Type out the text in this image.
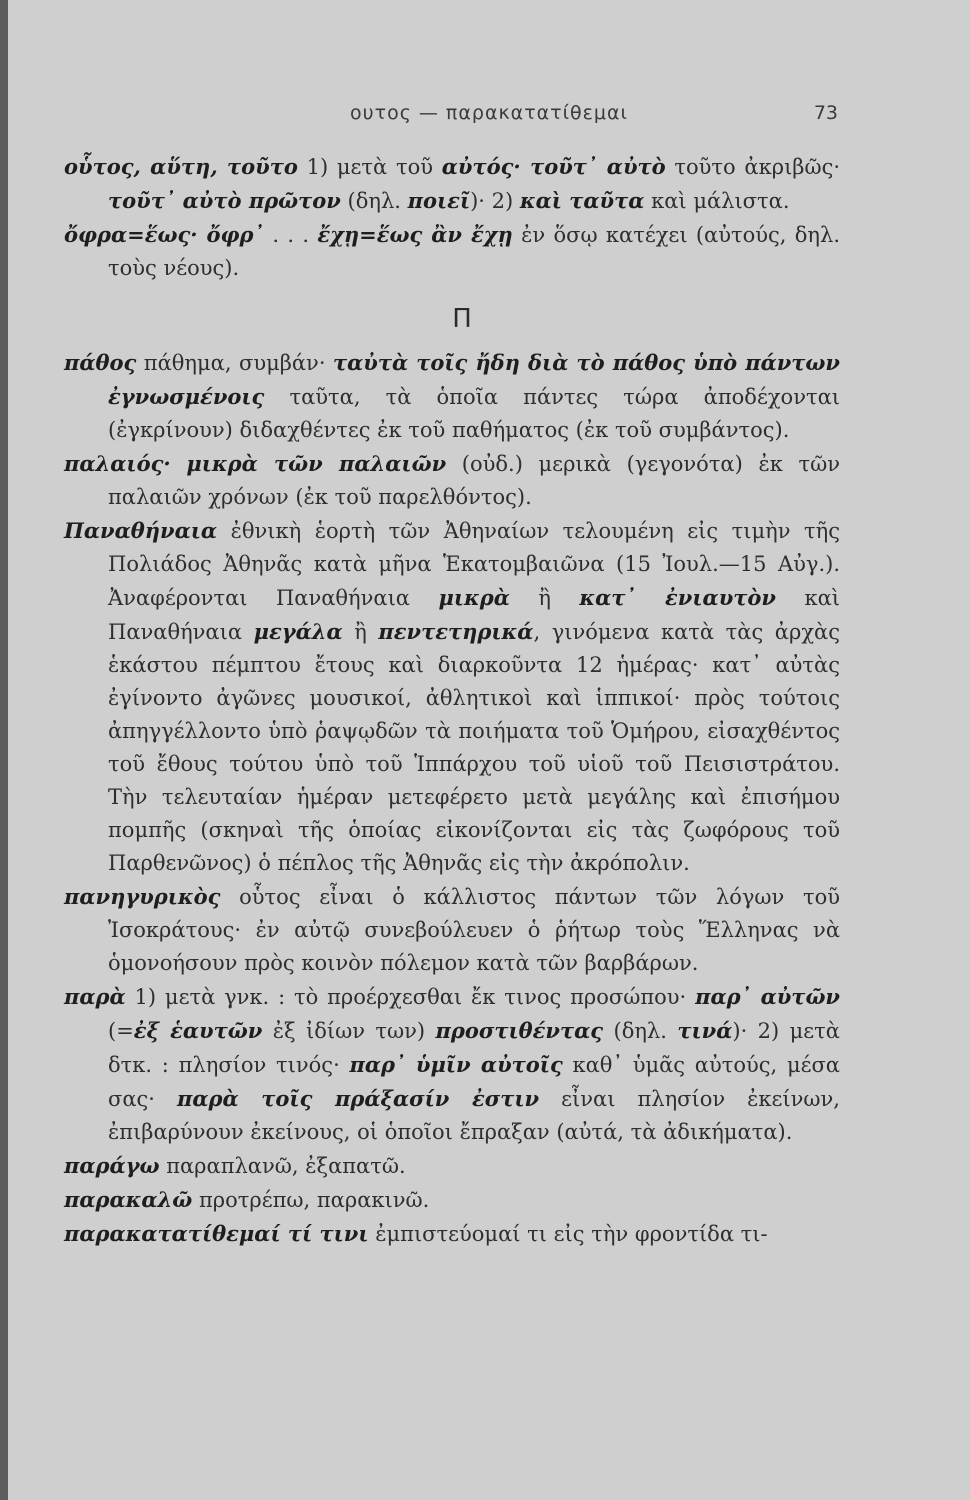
ουτος — παρακατατίθεμαι	73

οὗτος, αὕτη, τοῦτο 1) μετὰ τοῦ αὐτός· τοῦτ᾽ αὐτὸ τοῦτο ἀκριβῶς· τοῦτ᾽ αὐτὸ πρῶτον (δηλ. ποιεῖ)· 2) καὶ ταῦτα καὶ μάλιστα.

ὄφρα=ἕως· ὄφρ᾽ . . . ἔχῃ=ἕως ἂν ἔχῃ ἐν ὅσῳ κατέχει (αὐτούς, δηλ. τοὺς νέους).

Π

πάθος πάθημα, συμβάν· ταὐτὰ τοῖς ἤδη διὰ τὸ πάθος ὑπὸ πάντων ἐγνωσμένοις ταῦτα, τὰ ὁποῖα πάντες τώρα ἀποδέχονται (ἐγκρίνουν) διδαχθέντες ἐκ τοῦ παθήματος (ἐκ τοῦ συμβάντος).

παλαιός· μικρὰ τῶν παλαιῶν (οὐδ.) μερικὰ (γεγονότα) ἐκ τῶν παλαιῶν χρόνων (ἐκ τοῦ παρελθόντος).

Παναθήναια ἐθνικὴ ἑορτὴ τῶν Ἀθηναίων τελουμένη εἰς τιμὴν τῆς Πολιάδος Ἀθηνᾶς κατὰ μῆνα Ἑκατομβαιῶνα (15 Ἰουλ.—15 Αὐγ.). Ἀναφέρονται Παναθήναια μικρὰ ἢ κατ᾽ ἐνιαυτὸν καὶ Παναθήναια μεγάλα ἢ πεντετηρικά, γινόμενα κατὰ τὰς ἀρχὰς ἑκάστου πέμπτου ἔτους καὶ διαρκοῦντα 12 ἡμέρας· κατ᾽ αὐτὰς ἐγίνοντο ἀγῶνες μουσικοί, ἀθλητικοὶ καὶ ἱππικοί· πρὸς τούτοις ἀπηγγέλλοντο ὑπὸ ῥαψῳδῶν τὰ ποιήματα τοῦ Ὁμήρου, εἰσαχθέντος τοῦ ἔθους τούτου ὑπὸ τοῦ Ἱππάρχου τοῦ υἱοῦ τοῦ Πεισιστράτου. Τὴν τελευταίαν ἡμέραν μετεφέρετο μετὰ μεγάλης καὶ ἐπισήμου πομπῆς (σκηναὶ τῆς ὁποίας εἰκονίζονται εἰς τὰς ζωφόρους τοῦ Παρθενῶνος) ὁ πέπλος τῆς Ἀθηνᾶς εἰς τὴν ἀκρόπολιν.

πανηγυρικὸς οὗτος εἶναι ὁ κάλλιστος πάντων τῶν λόγων τοῦ Ἰσοκράτους· ἐν αὐτῷ συνεβούλευεν ὁ ῥήτωρ τοὺς Ἕλληνας νὰ ὁμονοήσουν πρὸς κοινὸν πόλεμον κατὰ τῶν βαρβάρων.

παρὰ 1) μετὰ γνκ. : τὸ προέρχεσθαι ἔκ τινος προσώπου· παρ᾽ αὐτῶν (=ἐξ ἑαυτῶν ἐξ ἰδίων των) προστιθέντας (δηλ. τινά)· 2) μετὰ δτκ. : πλησίον τινός· παρ᾽ ὑμῖν αὐτοῖς καθ᾽ ὑμᾶς αὐτούς, μέσα σας· παρὰ τοῖς πράξασίν ἐστιν εἶναι πλησίον ἐκείνων, ἐπιβαρύνουν ἐκείνους, οἱ ὁποῖοι ἔπραξαν (αὐτά, τὰ ἀδικήματα).

παράγω παραπλανῶ, ἐξαπατῶ.

παρακαλῶ προτρέπω, παρακινῶ.

παρακατατίθεμαί τί τινι ἐμπιστεύομαί τι εἰς τὴν φροντίδα τι-
